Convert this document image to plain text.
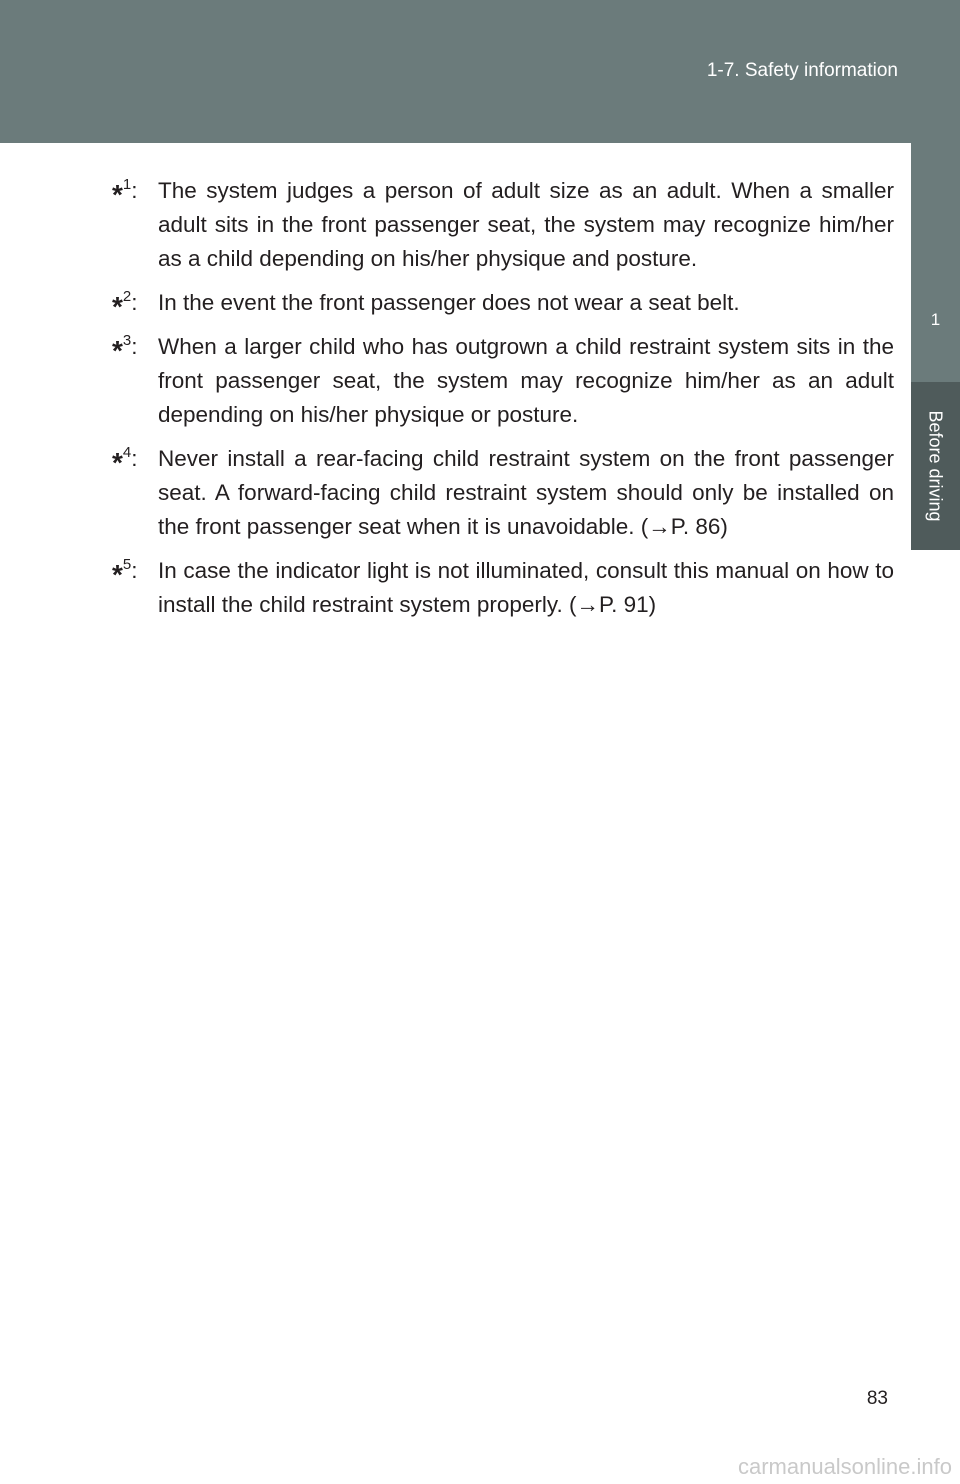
1-7. Safety information
1
Before driving
*$^1$: The system judges a person of adult size as an adult. When a smaller adult sits in the front passenger seat, the system may recognize him/her as a child depending on his/her physique and posture.
*$^2$: In the event the front passenger does not wear a seat belt.
*$^3$: When a larger child who has outgrown a child restraint system sits in the front passenger seat, the system may recognize him/her as an adult depending on his/her physique or posture.
*$^4$: Never install a rear-facing child restraint system on the front passenger seat. A forward-facing child restraint system should only be installed on the front passenger seat when it is unavoidable. (→P. 86)
*$^5$: In case the indicator light is not illuminated, consult this manual on how to install the child restraint system properly. (→P. 91)
83
carmanualsonline.info
